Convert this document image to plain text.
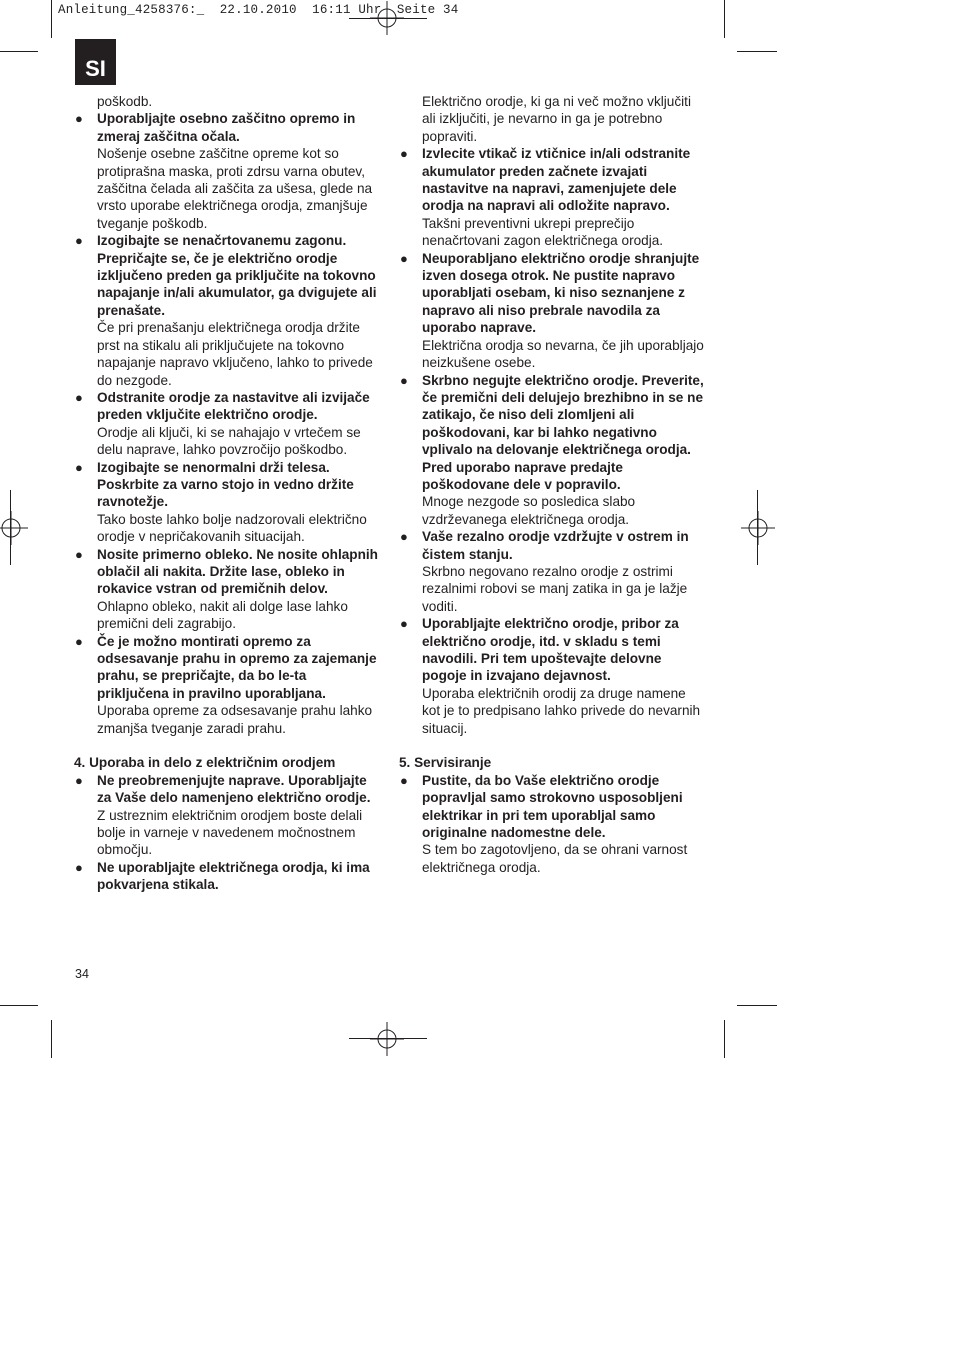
Anleitung_4258376:_  22.10.2010  16:11 Uhr  Seite 34
SI

poškodb.

● Uporabljajte osebno zaščitno opremo in zmeraj zaščitna očala.

Nošenje osebne zaščitne opreme kot so protiprašna maska, proti zdrsu varna obutev, zaščitna čelada ali zaščita za ušesa, glede na vrsto uporabe električnega orodja, zmanjšuje tveganje poškodb.

● Izogibajte se nenačrtovanemu zagonu. Prepričajte se, če je električno orodje izključeno preden ga priključite na tokovno napajanje in/ali akumulator, ga dvigujete ali prenašate.

Če pri prenašanju električnega orodja držite prst na stikalu ali priključujete na tokovno napajanje napravo vključeno, lahko to privede do nezgode.

● Odstranite orodje za nastavitve ali izvijače preden vključite električno orodje.

Orodje ali ključi, ki se nahajajo v vrtečem se delu naprave, lahko povzročijo poškodbo.

● Izogibajte se nenormalni drži telesa. Poskrbite za varno stojo in vedno držite ravnotežje.

Tako boste lahko bolje nadzorovali električno orodje v nepričakovanih situacijah.

● Nosite primerno obleko. Ne nosite ohlapnih oblačil ali nakita. Držite lase, obleko in rokavice vstran od premičnih delov.

Ohlapno obleko, nakit ali dolge lase lahko premični deli zagrabijo.

● Če je možno montirati opremo za odsesavanje prahu in opremo za zajemanje prahu, se prepričajte, da bo le-ta priključena in pravilno uporabljana.

Uporaba opreme za odsesavanje prahu lahko zmanjša tveganje zaradi prahu.

4. Uporaba in delo z električnim orodjem

● Ne preobremenjujte naprave. Uporabljajte za Vaše delo namenjeno električno orodje.

Z ustreznim električnim orodjem boste delali bolje in varneje v navedenem močnostnem območju.

● Ne uporabljajte električnega orodja, ki ima pokvarjena stikala.

Električno orodje, ki ga ni več možno vključiti ali izključiti, je nevarno in ga je potrebno popraviti.

● Izvlecite vtikač iz vtičnice in/ali odstranite akumulator preden začnete izvajati nastavitve na napravi, zamenjujete dele orodja na napravi ali odložite napravo.

Takšni preventivni ukrepi preprečijo nenačrtovani zagon električnega orodja.

● Neuporabljano električno orodje shranjujte izven dosega otrok. Ne pustite napravo uporabljati osebam, ki niso seznanjene z napravo ali niso prebrale navodila za uporabo naprave.

Električna orodja so nevarna, če jih uporabljajo neizkušene osebe.

● Skrbno negujte električno orodje. Preverite, če premični deli delujejo brezhibno in se ne zatikajo, če niso deli zlomljeni ali poškodovani, kar bi lahko negativno vplivalo na delovanje električnega orodja. Pred uporabo naprave predajte poškodovane dele v popravilo.

Mnoge nezgode so posledica slabo vzdrževanega električnega orodja.

● Vaše rezalno orodje vzdržujte v ostrem in čistem stanju.

Skrbno negovano rezalno orodje z ostrimi rezalnimi robovi se manj zatika in ga je lažje voditi.

● Uporabljajte električno orodje, pribor za električno orodje, itd. v skladu s temi navodili. Pri tem upoštevajte delovne pogoje in izvajano dejavnost.

Uporaba električnih orodij za druge namene kot je to predpisano lahko privede do nevarnih situacij.

5. Servisiranje

● Pustite, da bo Vaše električno orodje popravljal samo strokovno usposobljeni elektrikar in pri tem uporabljal samo originalne nadomestne dele.

S tem bo zagotovljeno, da se ohrani varnost električnega orodja.

34
